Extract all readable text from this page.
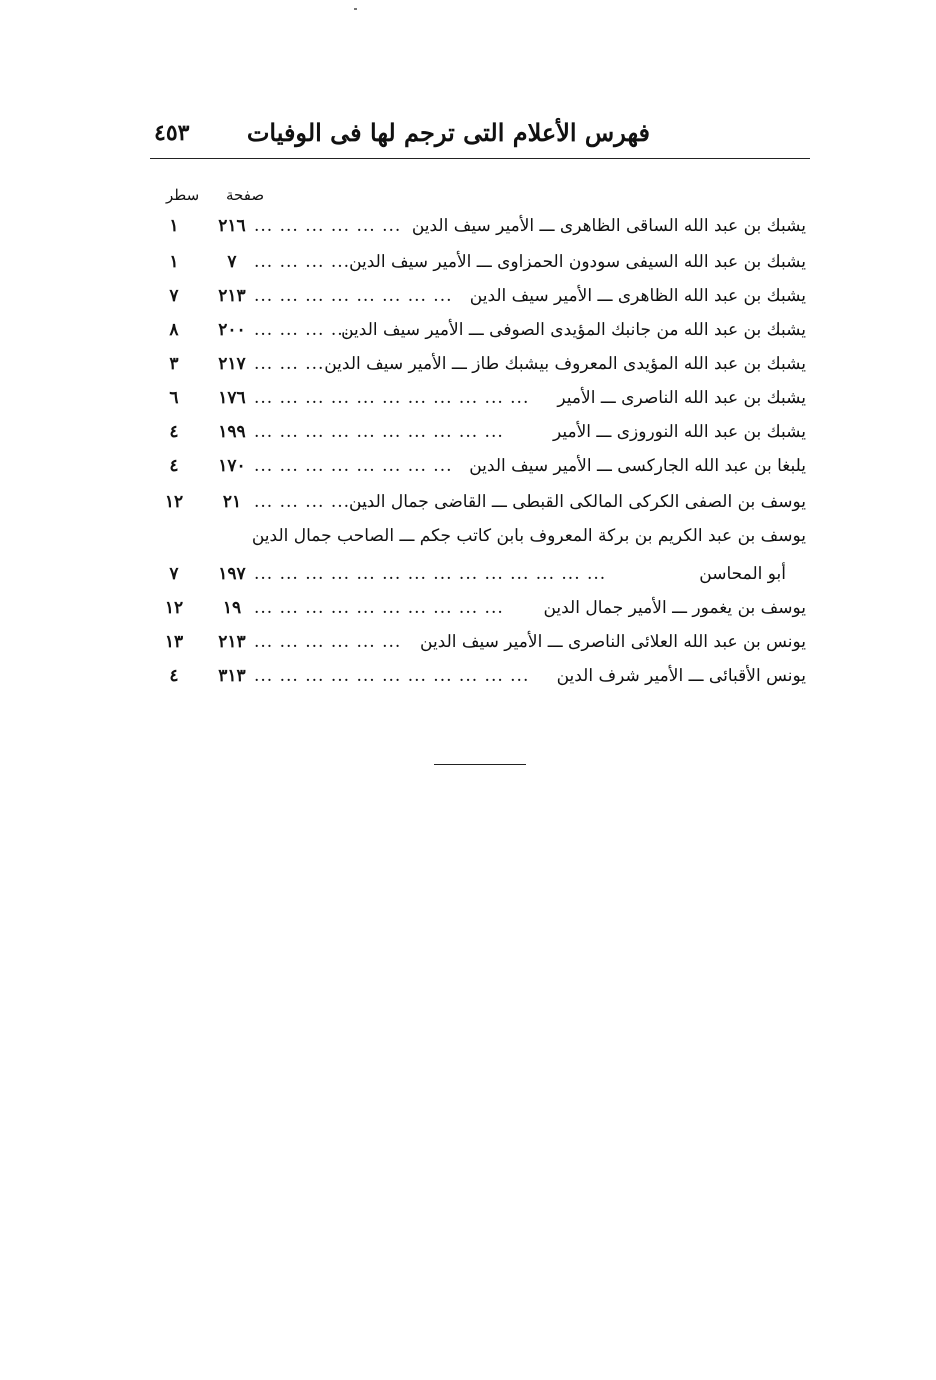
فهرس الأعلام التى ترجم لها فى الوفيات
٤٥٣
صفحة
سطر
يشبك بن عبد الله الساقى الظاهرى ـــ الأمير سيف الدين
... ... ... ... ... ...
٢١٦
١
يشبك بن عبد الله السيفى سودون الحمزاوى ـــ الأمير سيف الدين
... ... ... ...
٧
١
يشبك بن عبد الله الظاهرى ـــ الأمير سيف الدين
... ... ... ... ... ... ... ...
٢١٣
٧
يشبك بن عبد الله من جانبك المؤيدى الصوفى ـــ الأمير سيف الدين
... ... ... ...
٢٠٠
٨
يشبك بن عبد الله المؤيدى المعروف بيشبك طاز ـــ الأمير سيف الدين
... ... ...
٢١٧
٣
يشبك بن عبد الله الناصرى ـــ الأمير
... ... ... ... ... ... ... ... ... ... ...
١٧٦
٦
يشبك بن عبد الله النوروزى ـــ الأمير
... ... ... ... ... ... ... ... ... ...
١٩٩
٤
يلبغا بن عبد الله الجاركسى ـــ الأمير سيف الدين
... ... ... ... ... ... ... ...
١٧٠
٤
يوسف بن الصفى الكركى المالكى القبطى ـــ القاضى جمال الدين
... ... ... ... ...
٢١
١٢
يوسف بن عبد الكريم بن بركة المعروف بابن كاتب جكم ـــ الصاحب جمال الدين
أبو المحاسن
... ... ... ... ... ... ... ... ... ... ... ... ... ...
١٩٧
٧
يوسف بن يغمور ـــ الأمير جمال الدين
... ... ... ... ... ... ... ... ... ...
١٩
١٢
يونس بن عبد الله العلائى الناصرى ـــ الأمير سيف الدين
... ... ... ... ... ...
٢١٣
١٣
يونس الأقبائى ـــ الأمير شرف الدين
... ... ... ... ... ... ... ... ... ... ...
٣١٣
٤
